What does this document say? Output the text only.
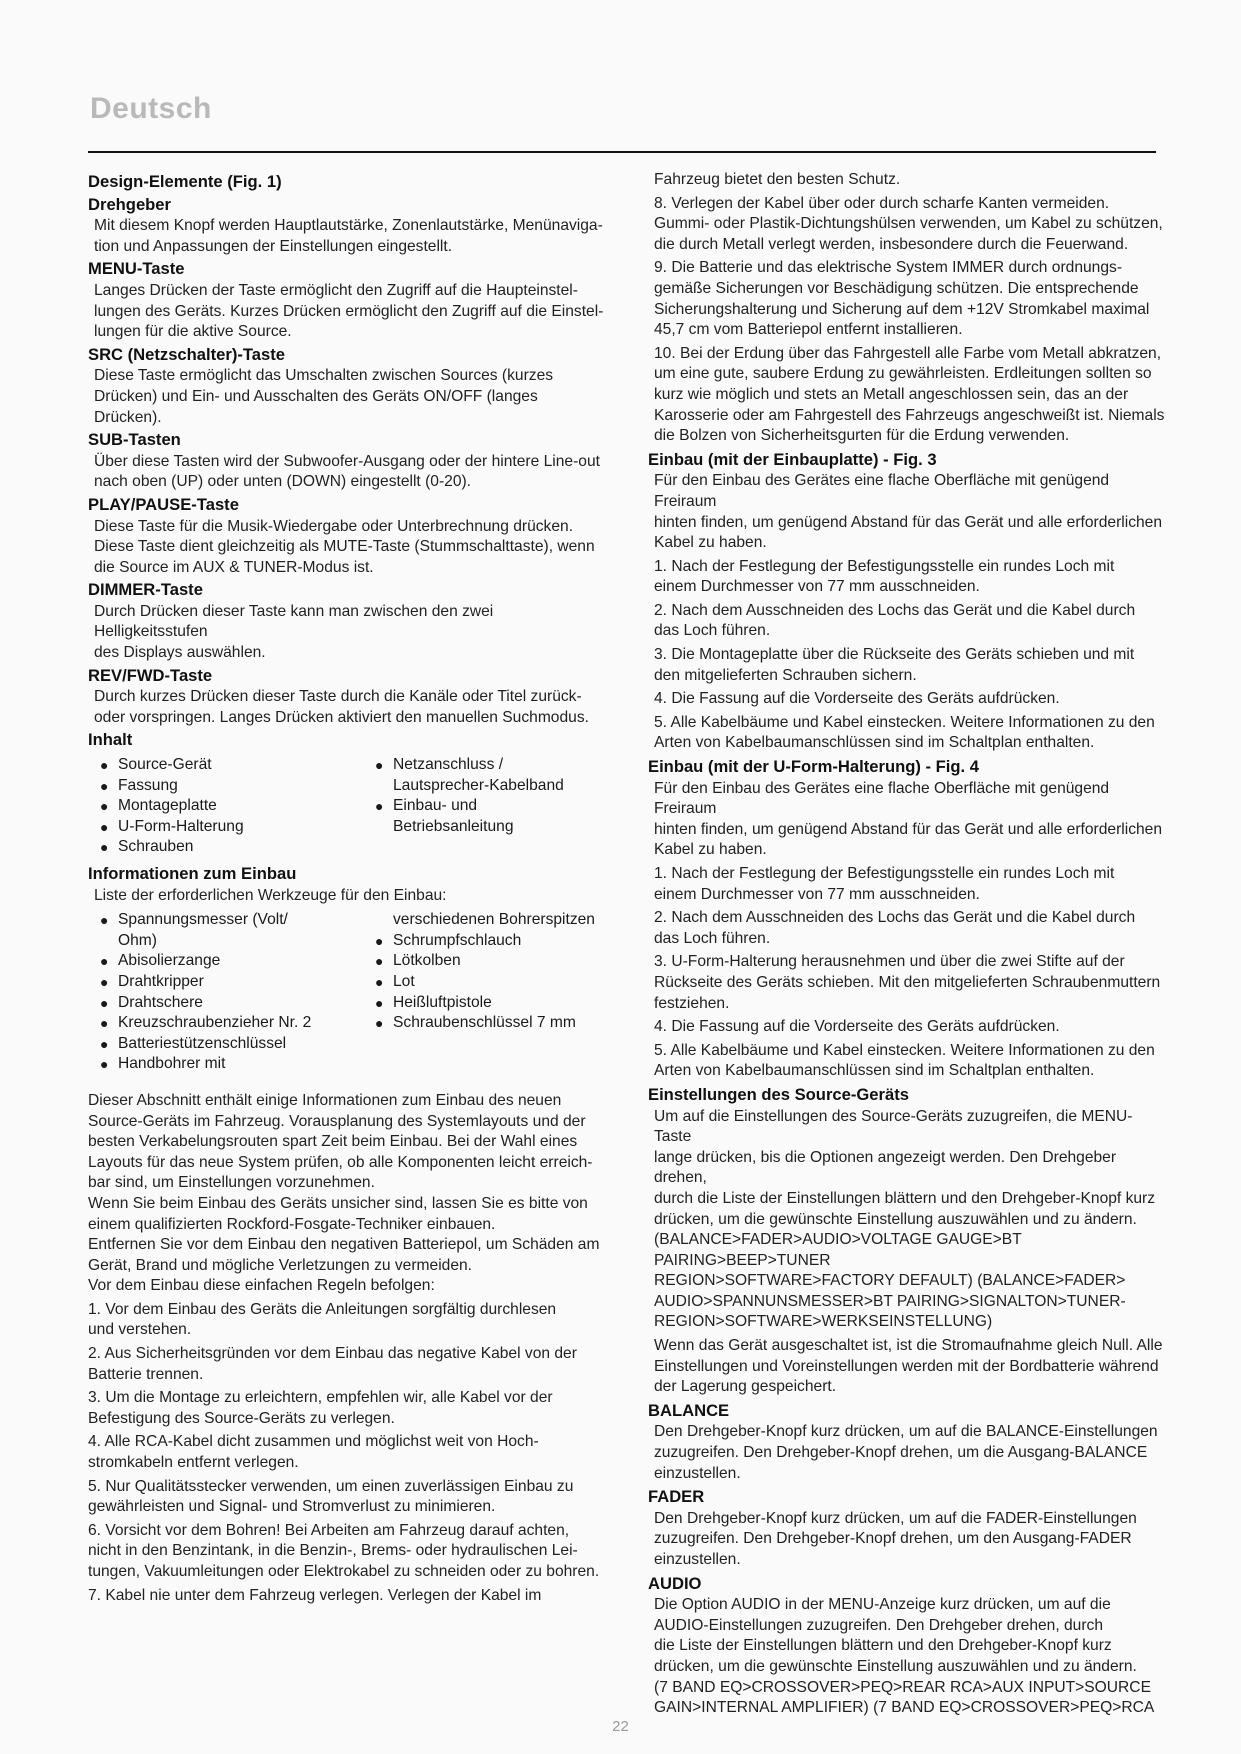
Deutsch
Design-Elemente (Fig. 1)
Drehgeber
Mit diesem Knopf werden Hauptlautstärke, Zonenlautstärke, Menünaviga-
tion und Anpassungen der Einstellungen eingestellt.
MENU-Taste
Langes Drücken der Taste ermöglicht den Zugriff auf die Haupteinstel-
lungen des Geräts. Kurzes Drücken ermöglicht den Zugriff auf die Einstel-
lungen für die aktive Source.
SRC (Netzschalter)-Taste
Diese Taste ermöglicht das Umschalten zwischen Sources (kurzes
Drücken) und Ein- und Ausschalten des Geräts ON/OFF (langes Drücken).
SUB-Tasten
Über diese Tasten wird der Subwoofer-Ausgang oder der hintere Line-out
nach oben (UP) oder unten (DOWN) eingestellt (0-20).
PLAY/PAUSE-Taste
Diese Taste für die Musik-Wiedergabe oder Unterbrechnung drücken.
Diese Taste dient gleichzeitig als MUTE-Taste (Stummschalttaste), wenn
die Source im AUX & TUNER-Modus ist.
DIMMER-Taste
Durch Drücken dieser Taste kann man zwischen den zwei Helligkeitsstufen
des Displays auswählen.
REV/FWD-Taste
Durch kurzes Drücken dieser Taste durch die Kanäle oder Titel zurück-
oder vorspringen. Langes Drücken aktiviert den manuellen Suchmodus.
Inhalt
● Source-Gerät
● Fassung
● Montageplatte
● U-Form-Halterung
● Schrauben
● Netzanschluss /
Lautsprecher-Kabelband
● Einbau- und
Betriebsanleitung
Informationen zum Einbau
Liste der erforderlichen Werkzeuge für den Einbau:
● Spannungsmesser (Volt/
Ohm)
● Abisolierzange
● Drahtkripper
● Drahtschere
● Kreuzschraubenzieher Nr. 2
● Batteriestützenschlüssel
● Handbohrer mit
verschiedenen Bohrerspitzen
● Schrumpfschlauch
● Lötkolben
● Lot
● Heißluftpistole
● Schraubenschlüssel 7 mm
Dieser Abschnitt enthält einige Informationen zum Einbau des neuen
Source-Geräts im Fahrzeug. Vorausplanung des Systemlayouts und der
besten Verkabelungsrouten spart Zeit beim Einbau. Bei der Wahl eines
Layouts für das neue System prüfen, ob alle Komponenten leicht erreich-
bar sind, um Einstellungen vorzunehmen.
Wenn Sie beim Einbau des Geräts unsicher sind, lassen Sie es bitte von
einem qualifizierten Rockford-Fosgate-Techniker einbauen.
Entfernen Sie vor dem Einbau den negativen Batteriepol, um Schäden am
Gerät, Brand und mögliche Verletzungen zu vermeiden.
Vor dem Einbau diese einfachen Regeln befolgen:
1. Vor dem Einbau des Geräts die Anleitungen sorgfältig durchlesen
und verstehen.
2. Aus Sicherheitsgründen vor dem Einbau das negative Kabel von der
Batterie trennen.
3. Um die Montage zu erleichtern, empfehlen wir, alle Kabel vor der
Befestigung des Source-Geräts zu verlegen.
4. Alle RCA-Kabel dicht zusammen und möglichst weit von Hoch-
stromkabeln entfernt verlegen.
5. Nur Qualitätsstecker verwenden, um einen zuverlässigen Einbau zu
gewährleisten und Signal- und Stromverlust zu minimieren.
6. Vorsicht vor dem Bohren! Bei Arbeiten am Fahrzeug darauf achten,
nicht in den Benzintank, in die Benzin-, Brems- oder hydraulischen Lei-
tungen, Vakuumleitungen oder Elektrokabel zu schneiden oder zu bohren.
7. Kabel nie unter dem Fahrzeug verlegen. Verlegen der Kabel im
Fahrzeug bietet den besten Schutz.
8. Verlegen der Kabel über oder durch scharfe Kanten vermeiden.
Gummi- oder Plastik-Dichtungshülsen verwenden, um Kabel zu schützen,
die durch Metall verlegt werden, insbesondere durch die Feuerwand.
9. Die Batterie und das elektrische System IMMER durch ordnungs-
gemäße Sicherungen vor Beschädigung schützen. Die entsprechende
Sicherungshalterung und Sicherung auf dem +12V Stromkabel maximal
45,7 cm vom Batteriepol entfernt installieren.
10. Bei der Erdung über das Fahrgestell alle Farbe vom Metall abkratzen,
um eine gute, saubere Erdung zu gewährleisten. Erdleitungen sollten so
kurz wie möglich und stets an Metall angeschlossen sein, das an der
Karosserie oder am Fahrgestell des Fahrzeugs angeschweißt ist. Niemals
die Bolzen von Sicherheitsgurten für die Erdung verwenden.
Einbau (mit der Einbauplatte) - Fig. 3
Für den Einbau des Gerätes eine flache Oberfläche mit genügend Freiraum
hinten finden, um genügend Abstand für das Gerät und alle erforderlichen
Kabel zu haben.
1. Nach der Festlegung der Befestigungsstelle ein rundes Loch mit
einem Durchmesser von 77 mm ausschneiden.
2. Nach dem Ausschneiden des Lochs das Gerät und die Kabel durch
das Loch führen.
3. Die Montageplatte über die Rückseite des Geräts schieben und mit
den mitgelieferten Schrauben sichern.
4. Die Fassung auf die Vorderseite des Geräts aufdrücken.
5. Alle Kabelbäume und Kabel einstecken. Weitere Informationen zu den
Arten von Kabelbaumanschlüssen sind im Schaltplan enthalten.
Einbau (mit der U-Form-Halterung) - Fig. 4
Für den Einbau des Gerätes eine flache Oberfläche mit genügend Freiraum
hinten finden, um genügend Abstand für das Gerät und alle erforderlichen
Kabel zu haben.
1. Nach der Festlegung der Befestigungsstelle ein rundes Loch mit
einem Durchmesser von 77 mm ausschneiden.
2. Nach dem Ausschneiden des Lochs das Gerät und die Kabel durch
das Loch führen.
3. U-Form-Halterung herausnehmen und über die zwei Stifte auf der
Rückseite des Geräts schieben. Mit den mitgelieferten Schraubenmuttern
festziehen.
4. Die Fassung auf die Vorderseite des Geräts aufdrücken.
5. Alle Kabelbäume und Kabel einstecken. Weitere Informationen zu den
Arten von Kabelbaumanschlüssen sind im Schaltplan enthalten.
Einstellungen des Source-Geräts
Um auf die Einstellungen des Source-Geräts zuzugreifen, die MENU-Taste
lange drücken, bis die Optionen angezeigt werden. Den Drehgeber drehen,
durch die Liste der Einstellungen blättern und den Drehgeber-Knopf kurz
drücken, um die gewünschte Einstellung auszuwählen und zu ändern.
(BALANCE>FADER>AUDIO>VOLTAGE GAUGE>BT PAIRING>BEEP>TUNER
REGION>SOFTWARE>FACTORY DEFAULT) (BALANCE>FADER>
AUDIO>SPANNUNSMESSER>BT PAIRING>SIGNALTON>TUNER-
REGION>SOFTWARE>WERKSEINSTELLUNG)
Wenn das Gerät ausgeschaltet ist, ist die Stromaufnahme gleich Null. Alle
Einstellungen und Voreinstellungen werden mit der Bordbatterie während
der Lagerung gespeichert.
BALANCE
Den Drehgeber-Knopf kurz drücken, um auf die BALANCE-Einstellungen
zuzugreifen. Den Drehgeber-Knopf drehen, um die Ausgang-BALANCE
einzustellen.
FADER
Den Drehgeber-Knopf kurz drücken, um auf die FADER-Einstellungen
zuzugreifen. Den Drehgeber-Knopf drehen, um den Ausgang-FADER
einzustellen.
AUDIO
Die Option AUDIO in der MENU-Anzeige kurz drücken, um auf die
AUDIO-Einstellungen zuzugreifen. Den Drehgeber drehen, durch
die Liste der Einstellungen blättern und den Drehgeber-Knopf kurz
drücken, um die gewünschte Einstellung auszuwählen und zu ändern.
(7 BAND EQ>CROSSOVER>PEQ>REAR RCA>AUX INPUT>SOURCE
GAIN>INTERNAL AMPLIFIER) (7 BAND EQ>CROSSOVER>PEQ>RCA
22
